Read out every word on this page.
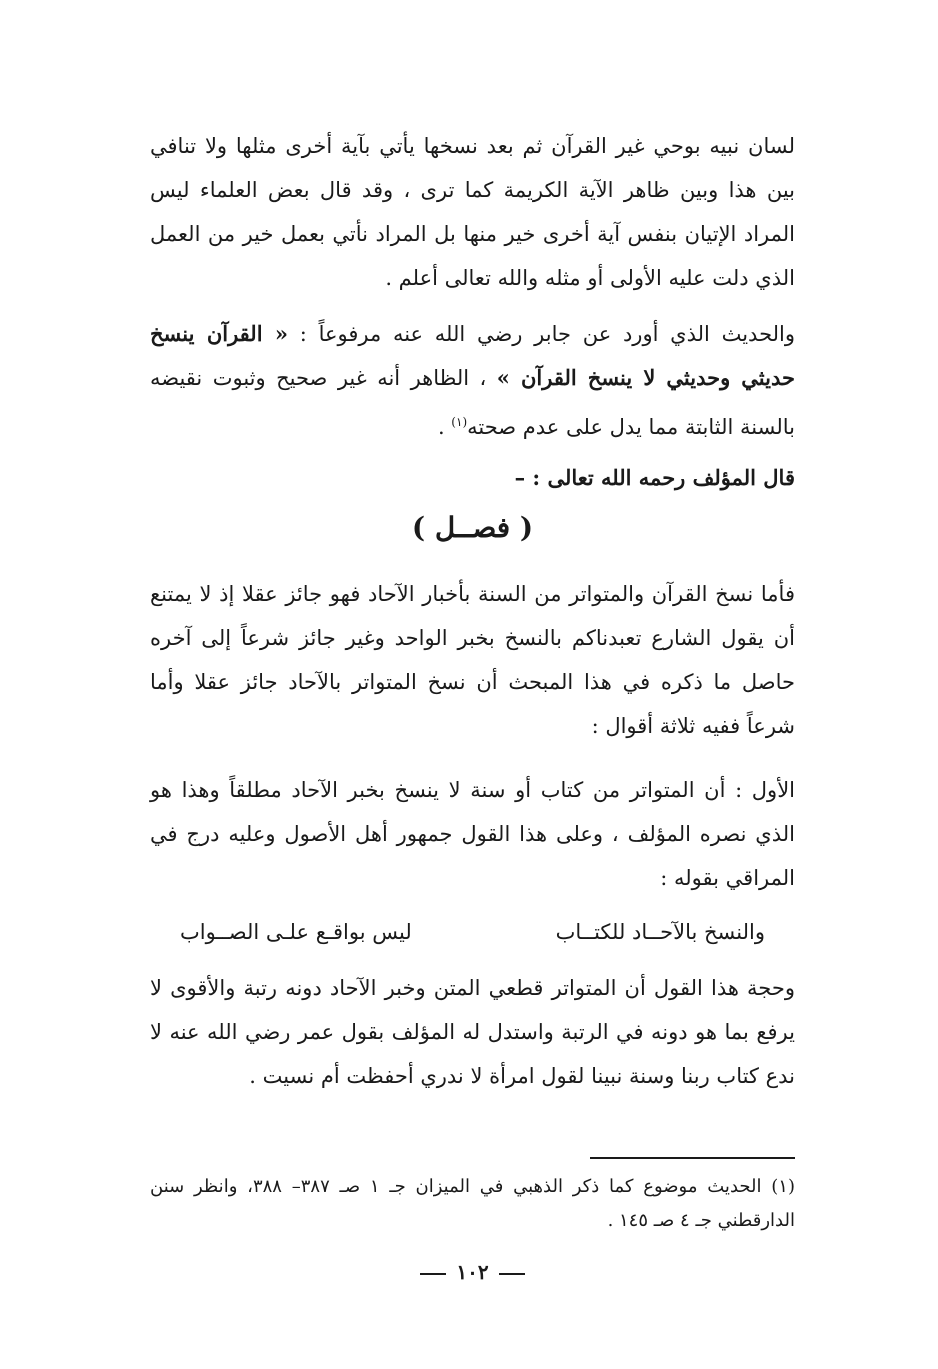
لسان نبيه بوحي غير القرآن ثم بعد نسخها يأتي بآية أخرى مثلها ولا تنافي بين هذا وبين ظاهر الآية الكريمة كما ترى ، وقد قال بعض العلماء ليس المراد الإتيان بنفس آية أخرى خير منها بل المراد نأتي بعمل خير من العمل الذي دلت عليه الأولى أو مثله والله تعالى أعلم .
والحديث الذي أورد عن جابر رضي الله عنه مرفوعاً : « القرآن ينسخ حديثي وحديثي لا ينسخ القرآن » ، الظاهر أنه غير صحيح وثبوت نقيضه بالسنة الثابتة مما يدل على عدم صحته$^{(١)}$ .
قال المؤلف رحمه الله تعالى : –
( فصــل )
فأما نسخ القرآن والمتواتر من السنة بأخبار الآحاد فهو جائز عقلا إذ لا يمتنع أن يقول الشارع تعبدناكم بالنسخ بخبر الواحد وغير جائز شرعاً إلى آخره حاصل ما ذكره في هذا المبحث أن نسخ المتواتر بالآحاد جائز عقلا وأما شرعاً ففيه ثلاثة أقوال :
الأول : أن المتواتر من كتاب أو سنة لا ينسخ بخبر الآحاد مطلقاً وهذا هو الذي نصره المؤلف ، وعلى هذا القول جمهور أهل الأصول وعليه درج في المراقي بقوله :
والنسخ بالآحــاد للكتــاب
ليس بواقـع علـى الصــواب
وحجة هذا القول أن المتواتر قطعي المتن وخبر الآحاد دونه رتبة والأقوى لا يرفع بما هو دونه في الرتبة واستدل له المؤلف بقول عمر رضي الله عنه لا ندع كتاب ربنا وسنة نبينا لقول امرأة لا ندري أحفظت أم نسيت .
(١) الحديث موضوع كما ذكر الذهبي في الميزان جـ ١ صـ ٣٨٧– ٣٨٨، وانظر سنن الدارقطني جـ ٤ صـ ١٤٥ .
١٠٢
